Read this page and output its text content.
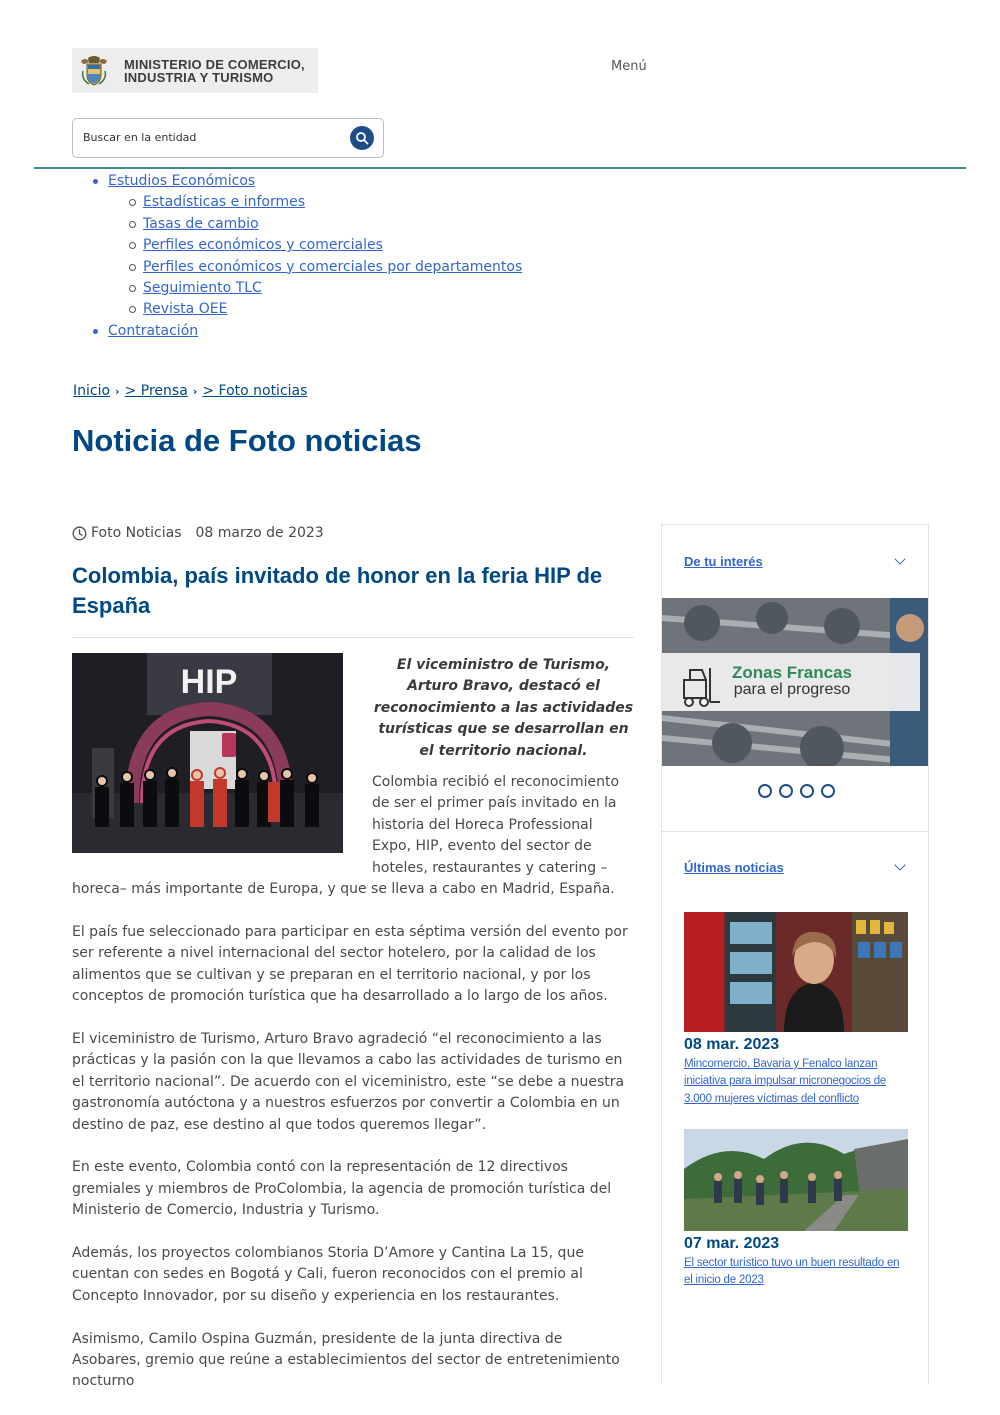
MINISTERIO DE COMERCIO,
INDUSTRIA Y TURISMO
Menú
Buscar en la entidad
Estudios Económicos
Estadísticas e informes
Tasas de cambio
Perfiles económicos y comerciales
Perfiles económicos y comerciales por departamentos
Seguimiento TLC
Revista OEE
Contratación
Inicio › > Prensa › > Foto noticias
Noticia de Foto noticias
Foto Noticias 08 marzo de 2023
Colombia, país invitado de honor en la feria HIP de España
HIP	El viceministro de Turismo, Arturo Bravo, destacó el reconocimiento a las actividades turísticas que se desarrollan en el territorio nacional.

Colombia recibió el reconocimiento de ser el primer país invitado en la historia del Horeca Professional Expo, HIP, evento del sector de hoteles, restaurantes y catering –horeca– más importante de Europa, y que se lleva a cabo en Madrid, España.

El país fue seleccionado para participar en esta séptima versión del evento por ser referente a nivel internacional del sector hotelero, por la calidad de los alimentos que se cultivan y se preparan en el territorio nacional, y por los conceptos de promoción turística que ha desarrollado a lo largo de los años.

El viceministro de Turismo, Arturo Bravo agradeció “el reconocimiento a las prácticas y la pasión con la que llevamos a cabo las actividades de turismo en el territorio nacional”. De acuerdo con el viceministro, este “se debe a nuestra gastronomía autóctona y a nuestros esfuerzos por convertir a Colombia en un destino de paz, ese destino al que todos queremos llegar”.

En este evento, Colombia contó con la representación de 12 directivos gremiales y miembros de ProColombia, la agencia de promoción turística del Ministerio de Comercio, Industria y Turismo.

Además, los proyectos colombianos Storia D’Amore y Cantina La 15, que cuentan con sedes en Bogotá y Cali, fueron reconocidos con el premio al Concepto Innovador, por su diseño y experiencia en los restaurantes.

Asimismo, Camilo Ospina Guzmán, presidente de la junta directiva de Asobares, gremio que reúne a establecimientos del sector de entretenimiento nocturno

De tu interés
Zonas Francas
para el progreso
Últimas noticias
08 mar. 2023
Mincomercio, Bavaria y Fenalco lanzan iniciativa para impulsar micronegocios de 3.000 mujeres víctimas del conflicto
07 mar. 2023
El sector turístico tuvo un buen resultado en el inicio de 2023
